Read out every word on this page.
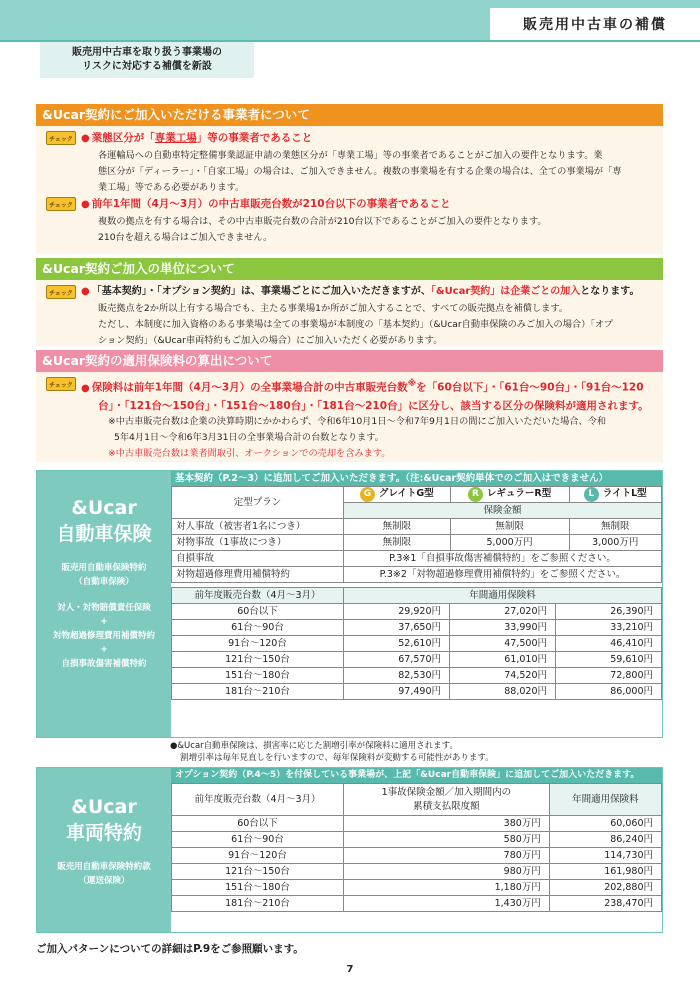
販売用中古車の補償
販売用中古車を取り扱う事業場の
リスクに対応する補償を新設
&Ucar契約にご加入いただける事業者について
チェック ● 業態区分が「専業工場」等の事業者であること
各運輸局への自動車特定整備事業認証申請の業態区分が「専業工場」等の事業者であることがご加入の要件となります。業
態区分が「ディーラー」・「自家工場」の場合は、ご加入できません。複数の事業場を有する企業の場合は、全ての事業場が「専
業工場」等である必要があります。
チェック ● 前年1年間（4月〜3月）の中古車販売台数が210台以下の事業者であること
複数の拠点を有する場合は、その中古車販売台数の合計が210台以下であることがご加入の要件となります。
210台を超える場合はご加入できません。
&Ucar契約ご加入の単位について
チェック ● 「基本契約」・「オプション契約」は、事業場ごとにご加入いただきますが、「&Ucar契約」は企業ごとの加入となります。
販売拠点を2か所以上有する場合でも、主たる事業場1か所がご加入することで、すべての販売拠点を補償します。
ただし、本制度に加入資格のある事業場は全ての事業場が本制度の「基本契約」（&Ucar自動車保険のみご加入の場合）「オプ
ション契約」（&Ucar車両特約もご加入の場合）にご加入いただく必要があります。
&Ucar契約の適用保険料の算出について
チェック ● 保険料は前年1年間（4月〜3月）の全事業場合計の中古車販売台数※を「60台以下」・「61台〜90台」・「91台〜120
台」・「121台〜150台」・「151台〜180台」・「181台〜210台」に区分し、該当する区分の保険料が適用されます。
※中古車販売台数は企業の決算時期にかかわらず、令和6年10月1日〜令和7年9月1日の間にご加入いただいた場合、令和
5年4月1日〜令和6年3月31日の全事業場合計の台数となります。
※中古車販売台数は業者間取引、オークションでの売却を含みます。
&Ucar
自動車保険
販売用自動車保険特約
（自動車保険）
対人・対物賠償責任保険
+
対物超過修理費用補償特約
+
自損事故傷害補償特約
基本契約（P.2〜3）に追加してご加入いただきます。（注:&Ucar契約単体でのご加入はできません）
定型プラン	G グレイトG型	R レギュラーR型	L ライトL型
	保険金額		
対人事故（被害者1名につき）	無制限	無制限	無制限
対物事故（1事故につき）	無制限	5,000万円	3,000万円
自損事故	P.3※1「自損事故傷害補償特約」をご参照ください。		
対物超過修理費用補償特約	P.3※2「対物超過修理費用補償特約」をご参照ください。		
前年度販売台数（4月〜3月）	年間適用保険料		
60台以下	29,920円	27,020円	26,390円
61台〜90台	37,650円	33,990円	33,210円
91台〜120台	52,610円	47,500円	46,410円
121台〜150台	67,570円	61,010円	59,610円
151台〜180台	82,530円	74,520円	72,800円
181台〜210台	97,490円	88,020円	86,000円
●&Ucar自動車保険は、損害率に応じた割増引率が保険料に適用されます。
割増引率は毎年見直しを行いますので、毎年保険料が変動する可能性があります。
&Ucar
車両特約
販売用自動車保険特約款
（運送保険）
オプション契約（P.4〜5）を付保している事業場が、上記「&Ucar自動車保険」に追加してご加入いただきます。
前年度販売台数（4月〜3月）	1事故保険金額／加入期間内の
累積支払限度額	年間適用保険料
60台以下	380万円	60,060円
61台〜90台	580万円	86,240円
91台〜120台	780万円	114,730円
121台〜150台	980万円	161,980円
151台〜180台	1,180万円	202,880円
181台〜210台	1,430万円	238,470円
ご加入パターンについての詳細はP.9をご参照願います。
7
